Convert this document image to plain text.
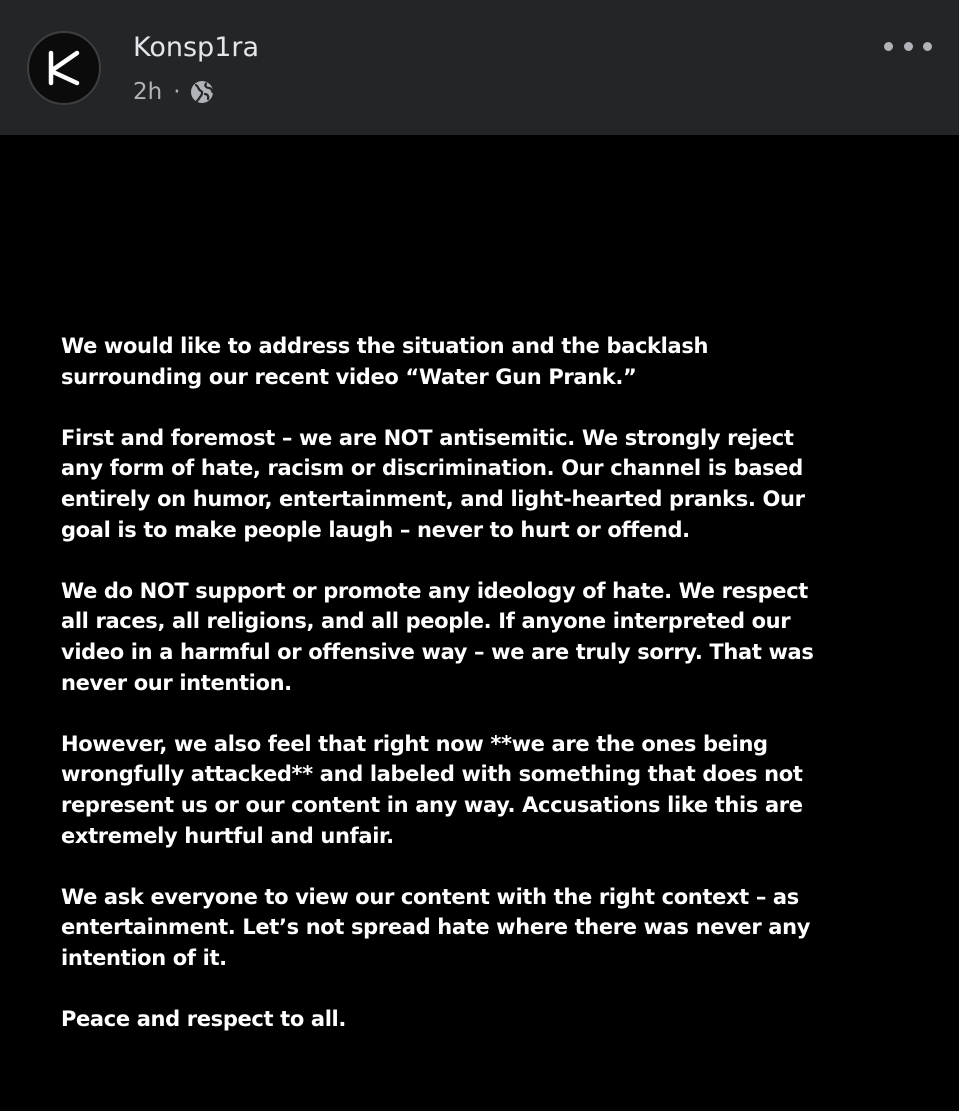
Konsp1ra
2h ·

We would like to address the situation and the backlash
surrounding our recent video “Water Gun Prank.”

First and foremost – we are NOT antisemitic. We strongly reject
any form of hate, racism or discrimination. Our channel is based
entirely on humor, entertainment, and light-hearted pranks. Our
goal is to make people laugh – never to hurt or offend.

We do NOT support or promote any ideology of hate. We respect
all races, all religions, and all people. If anyone interpreted our
video in a harmful or offensive way – we are truly sorry. That was
never our intention.

However, we also feel that right now **we are the ones being
wrongfully attacked** and labeled with something that does not
represent us or our content in any way. Accusations like this are
extremely hurtful and unfair.

We ask everyone to view our content with the right context – as
entertainment. Let’s not spread hate where there was never any
intention of it.

Peace and respect to all.
